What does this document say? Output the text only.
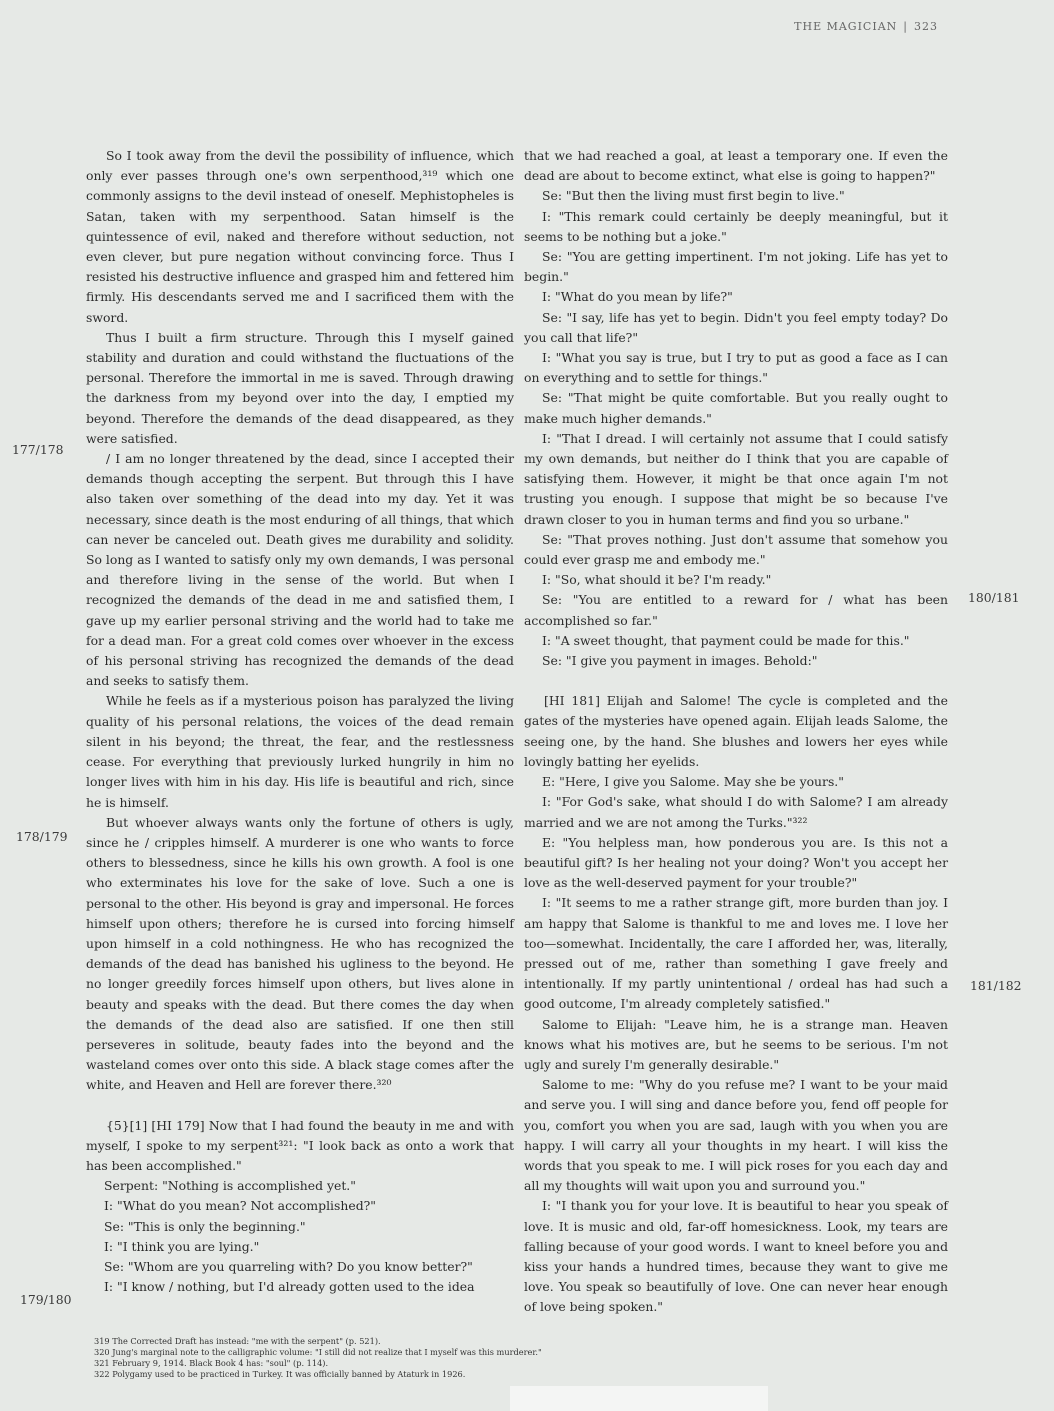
THE MAGICIAN | 323
177/178
178/179
179/180
180/181
181/182

So I took away from the devil the possibility of influence, which only ever passes through one's own serpenthood,³¹⁹ which one commonly assigns to the devil instead of oneself. Mephistopheles is Satan, taken with my serpenthood. Satan himself is the quintessence of evil, naked and therefore without seduction, not even clever, but pure negation without convincing force. Thus I resisted his destructive influence and grasped him and fettered him firmly. His descendants served me and I sacrificed them with the sword.

Thus I built a firm structure. Through this I myself gained stability and duration and could withstand the fluctuations of the personal. Therefore the immortal in me is saved. Through drawing the darkness from my beyond over into the day, I emptied my beyond. Therefore the demands of the dead disappeared, as they were satisfied.

/ I am no longer threatened by the dead, since I accepted their demands though accepting the serpent. But through this I have also taken over something of the dead into my day. Yet it was necessary, since death is the most enduring of all things, that which can never be canceled out. Death gives me durability and solidity. So long as I wanted to satisfy only my own demands, I was personal and therefore living in the sense of the world. But when I recognized the demands of the dead in me and satisfied them, I gave up my earlier personal striving and the world had to take me for a dead man. For a great cold comes over whoever in the excess of his personal striving has recognized the demands of the dead and seeks to satisfy them.

While he feels as if a mysterious poison has paralyzed the living quality of his personal relations, the voices of the dead remain silent in his beyond; the threat, the fear, and the restlessness cease. For everything that previously lurked hungrily in him no longer lives with him in his day. His life is beautiful and rich, since he is himself.

But whoever always wants only the fortune of others is ugly, since he / cripples himself. A murderer is one who wants to force others to blessedness, since he kills his own growth. A fool is one who exterminates his love for the sake of love. Such a one is personal to the other. His beyond is gray and impersonal. He forces himself upon others; therefore he is cursed into forcing himself upon himself in a cold nothingness. He who has recognized the demands of the dead has banished his ugliness to the beyond. He no longer greedily forces himself upon others, but lives alone in beauty and speaks with the dead. But there comes the day when the demands of the dead also are satisfied. If one then still perseveres in solitude, beauty fades into the beyond and the wasteland comes over onto this side. A black stage comes after the white, and Heaven and Hell are forever there.³²⁰

{5}[1] [HI 179] Now that I had found the beauty in me and with myself, I spoke to my serpent³²¹: "I look back as onto a work that has been accomplished."

Serpent: "Nothing is accomplished yet."

I: "What do you mean? Not accomplished?"

Se: "This is only the beginning."

I: "I think you are lying."

Se: "Whom are you quarreling with? Do you know better?"

I: "I know / nothing, but I'd already gotten used to the idea

that we had reached a goal, at least a temporary one. If even the dead are about to become extinct, what else is going to happen?"

Se: "But then the living must first begin to live."

I: "This remark could certainly be deeply meaningful, but it seems to be nothing but a joke."

Se: "You are getting impertinent. I'm not joking. Life has yet to begin."

I: "What do you mean by life?"

Se: "I say, life has yet to begin. Didn't you feel empty today? Do you call that life?"

I: "What you say is true, but I try to put as good a face as I can on everything and to settle for things."

Se: "That might be quite comfortable. But you really ought to make much higher demands."

I: "That I dread. I will certainly not assume that I could satisfy my own demands, but neither do I think that you are capable of satisfying them. However, it might be that once again I'm not trusting you enough. I suppose that might be so because I've drawn closer to you in human terms and find you so urbane."

Se: "That proves nothing. Just don't assume that somehow you could ever grasp me and embody me."

I: "So, what should it be? I'm ready."

Se: "You are entitled to a reward for / what has been accomplished so far."

I: "A sweet thought, that payment could be made for this."

Se: "I give you payment in images. Behold:"

[HI 181] Elijah and Salome! The cycle is completed and the gates of the mysteries have opened again. Elijah leads Salome, the seeing one, by the hand. She blushes and lowers her eyes while lovingly batting her eyelids.

E: "Here, I give you Salome. May she be yours."

I: "For God's sake, what should I do with Salome? I am already married and we are not among the Turks."³²²

E: "You helpless man, how ponderous you are. Is this not a beautiful gift? Is her healing not your doing? Won't you accept her love as the well-deserved payment for your trouble?"

I: "It seems to me a rather strange gift, more burden than joy. I am happy that Salome is thankful to me and loves me. I love her too—somewhat. Incidentally, the care I afforded her, was, literally, pressed out of me, rather than something I gave freely and intentionally. If my partly unintentional / ordeal has had such a good outcome, I'm already completely satisfied."

Salome to Elijah: "Leave him, he is a strange man. Heaven knows what his motives are, but he seems to be serious. I'm not ugly and surely I'm generally desirable."

Salome to me: "Why do you refuse me? I want to be your maid and serve you. I will sing and dance before you, fend off people for you, comfort you when you are sad, laugh with you when you are happy. I will carry all your thoughts in my heart. I will kiss the words that you speak to me. I will pick roses for you each day and all my thoughts will wait upon you and surround you."

I: "I thank you for your love. It is beautiful to hear you speak of love. It is music and old, far-off homesickness. Look, my tears are falling because of your good words. I want to kneel before you and kiss your hands a hundred times, because they want to give me love. You speak so beautifully of love. One can never hear enough of love being spoken."

319 The Corrected Draft has instead: "me with the serpent" (p. 521).

320 Jung's marginal note to the calligraphic volume: "I still did not realize that I myself was this murderer."

321 February 9, 1914. Black Book 4 has: "soul" (p. 114).

322 Polygamy used to be practiced in Turkey. It was officially banned by Ataturk in 1926.
